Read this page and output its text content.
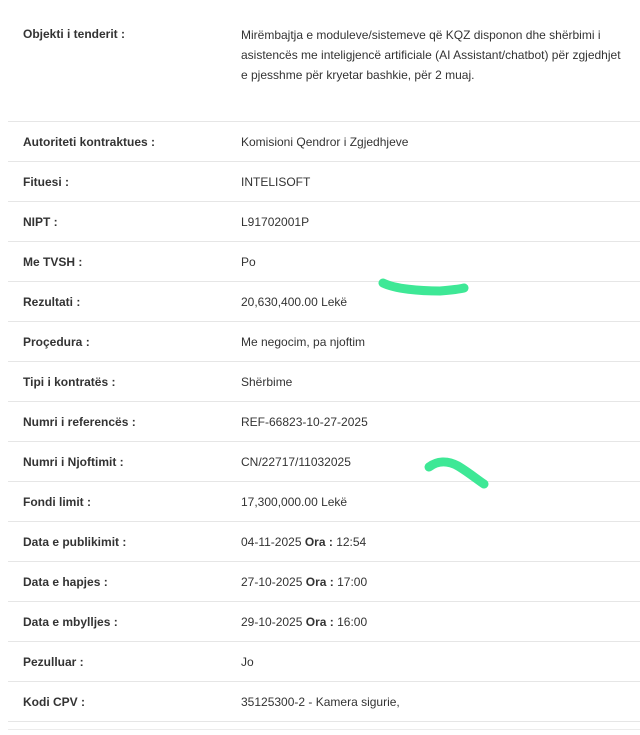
Objekti i tenderit :	Mirëmbajtja e moduleve/sistemeve që KQZ disponon dhe shërbimi i asistencës me inteligjencë artificiale (AI Assistant/chatbot) për zgjedhjet e pjesshme për kryetar bashkie, për 2 muaj.
Autoriteti kontraktues :	Komisioni Qendror i Zgjedhjeve
Fituesi :	INTELISOFT
NIPT :	L91702001P
Me TVSH :	Po
Rezultati :	20,630,400.00 Lekë
Proçedura :	Me negocim, pa njoftim
Tipi i kontratës :	Shërbime
Numri i referencës :	REF-66823-10-27-2025
Numri i Njoftimit :	CN/22717/11032025
Fondi limit :	17,300,000.00 Lekë
Data e publikimit :	04-11-2025 Ora : 12:54
Data e hapjes :	27-10-2025 Ora : 17:00
Data e mbylljes :	29-10-2025 Ora : 16:00
Pezulluar :	Jo
Kodi CPV :	35125300-2 - Kamera sigurie,
